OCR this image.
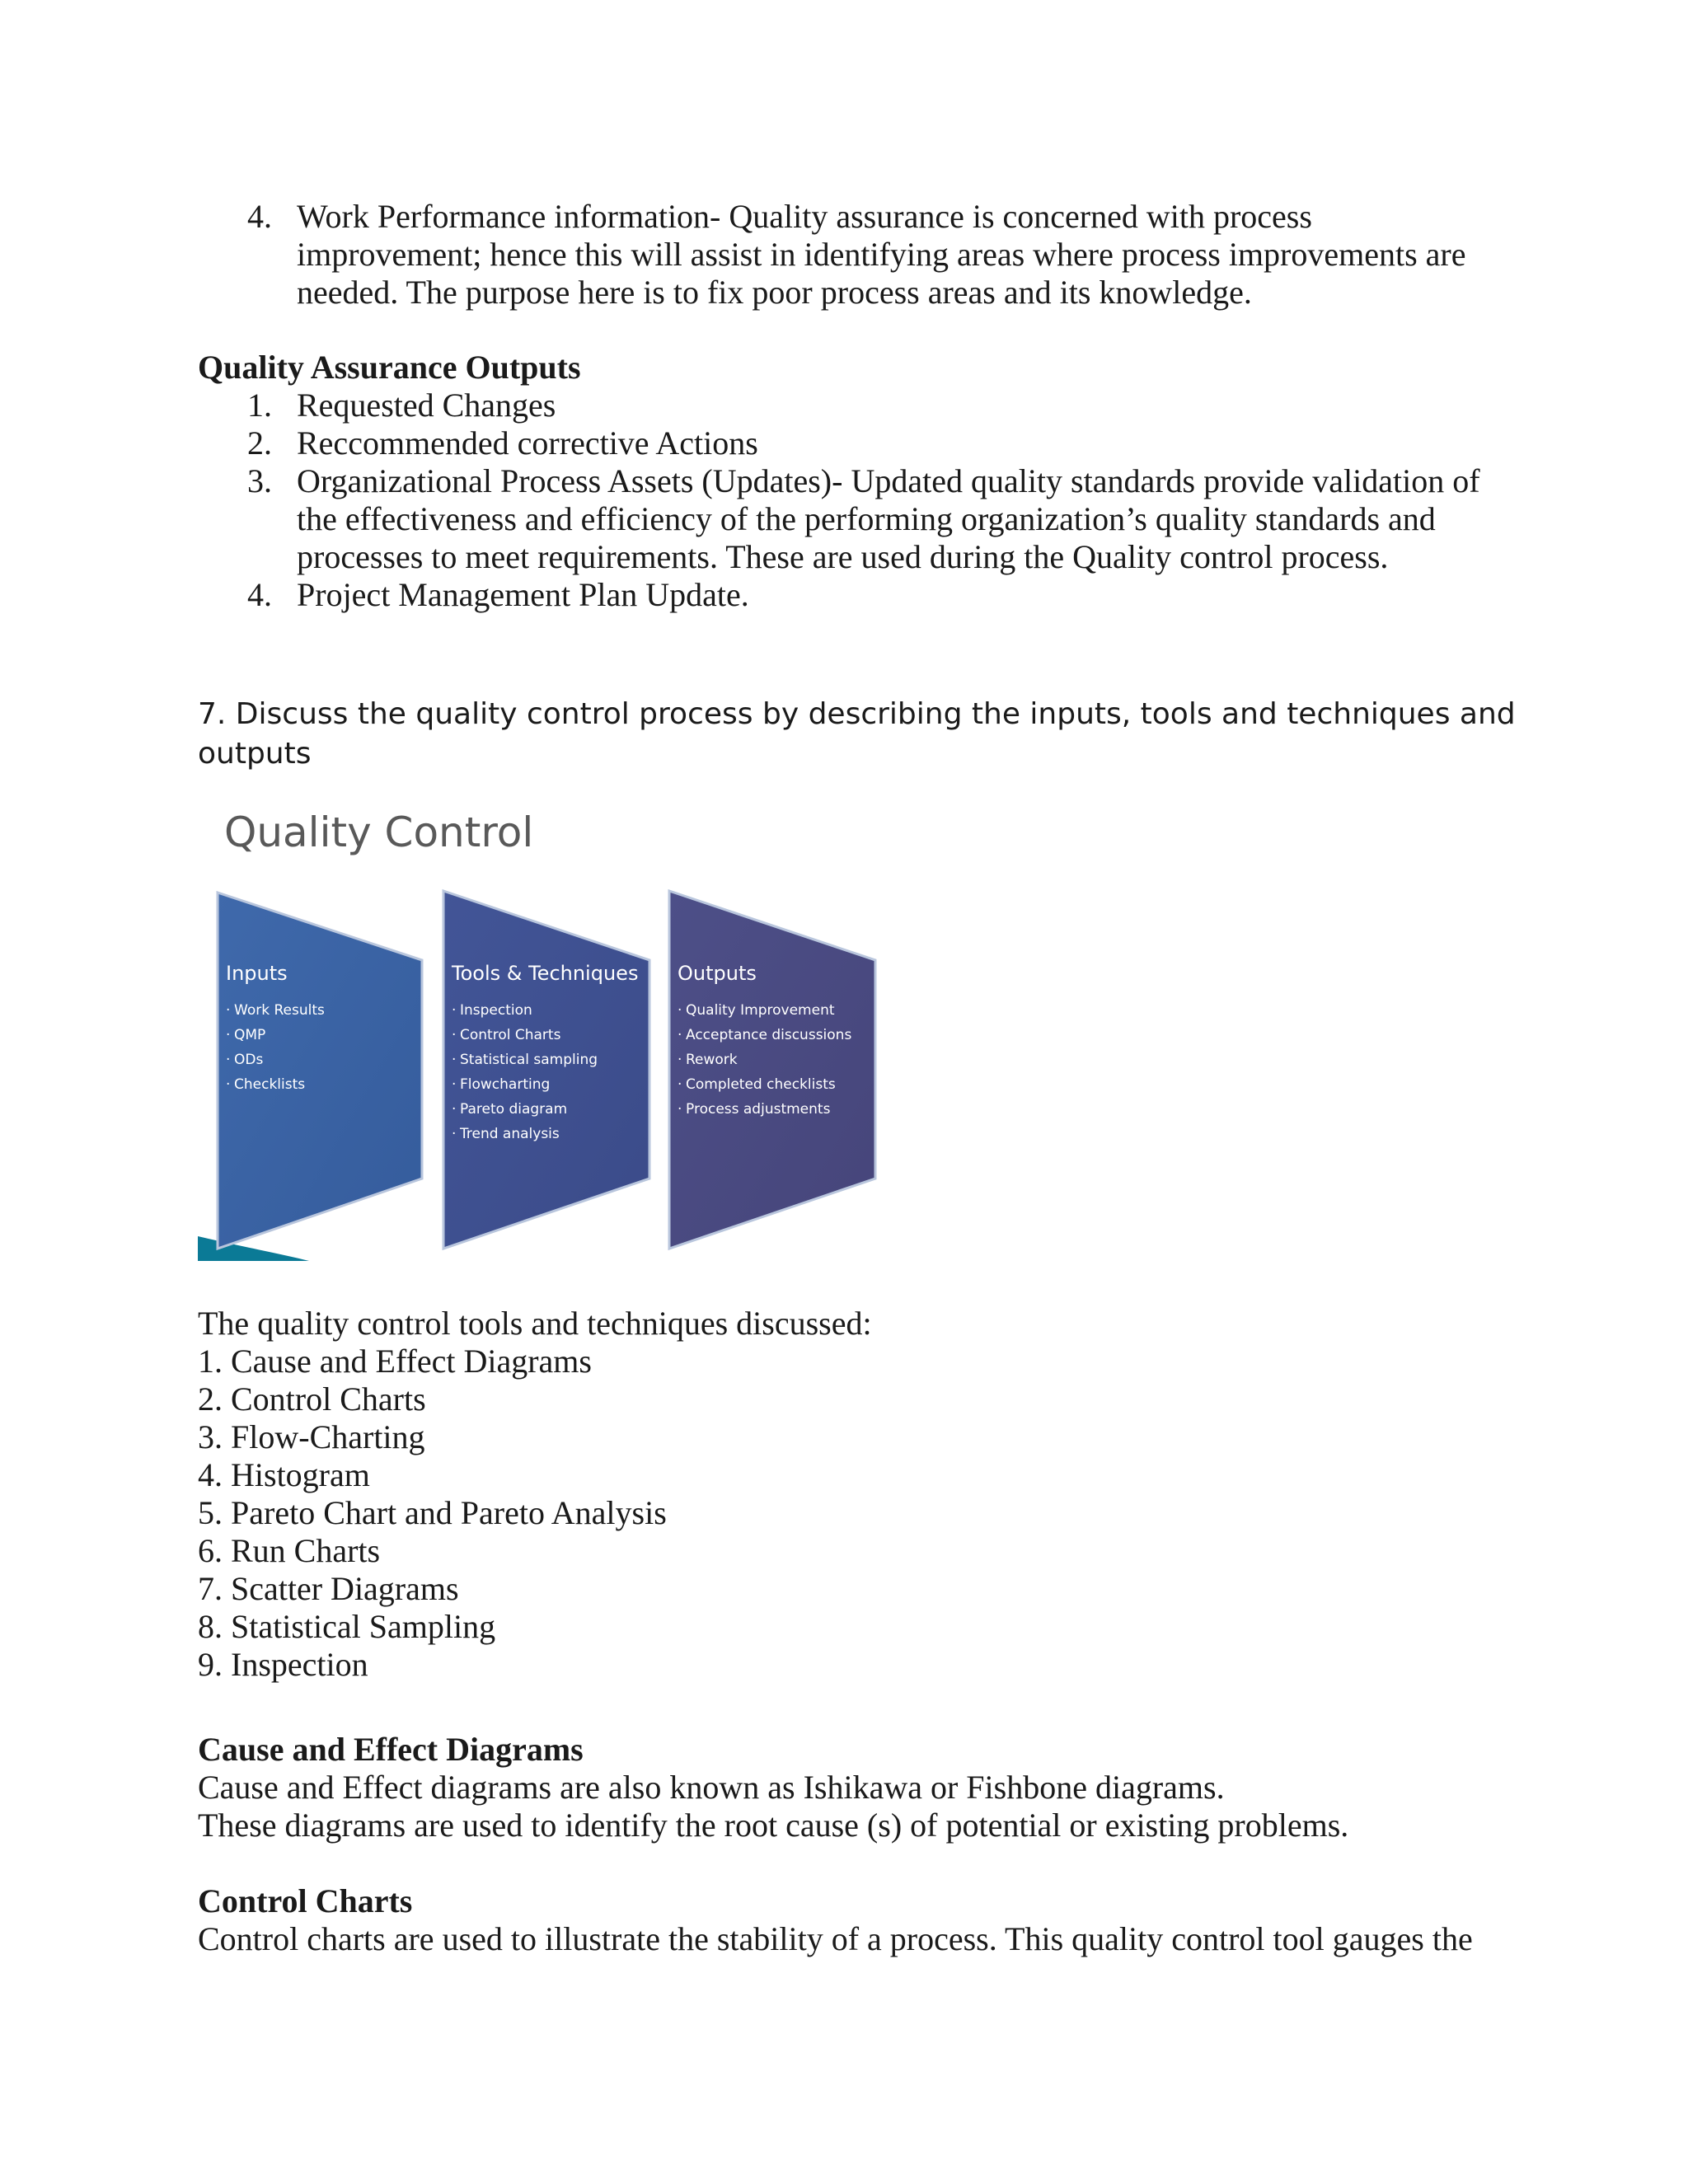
4. Work Performance information- Quality assurance is concerned with process
improvement; hence this will assist in identifying areas where process improvements are
needed. The purpose here is to fix poor process areas and its knowledge.
Quality Assurance Outputs
1. Requested Changes
2. Reccommended corrective Actions
3. Organizational Process Assets (Updates)- Updated quality standards provide validation of
the effectiveness and efficiency of the performing organization’s quality standards and
processes to meet requirements. These are used during the Quality control process.
4. Project Management Plan Update.
7. Discuss the quality control process by describing the inputs, tools and techniques and
outputs
Quality Control
Inputs
· Work Results
· QMP
· ODs
· Checklists
Tools & Techniques
· Inspection
· Control Charts
· Statistical sampling
· Flowcharting
· Pareto diagram
· Trend analysis
Outputs
· Quality Improvement
· Acceptance discussions
· Rework
· Completed checklists
· Process adjustments
The quality control tools and techniques discussed:
1. Cause and Effect Diagrams
2. Control Charts
3. Flow-Charting
4. Histogram
5. Pareto Chart and Pareto Analysis
6. Run Charts
7. Scatter Diagrams
8. Statistical Sampling
9. Inspection
Cause and Effect Diagrams
Cause and Effect diagrams are also known as Ishikawa or Fishbone diagrams.
These diagrams are used to identify the root cause (s) of potential or existing problems.
Control Charts
Control charts are used to illustrate the stability of a process. This quality control tool gauges the
